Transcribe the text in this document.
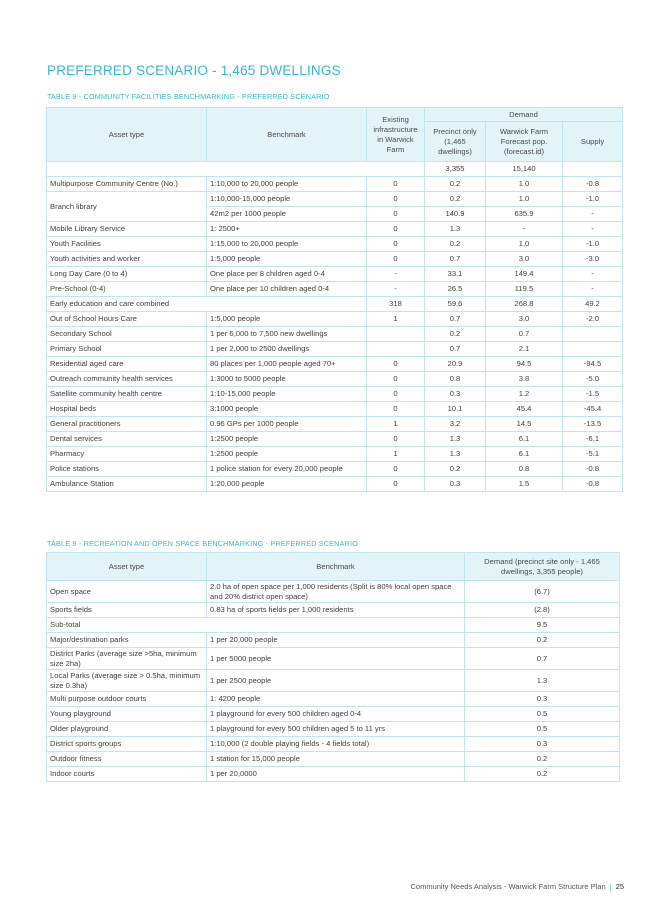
PREFERRED SCENARIO - 1,465 DWELLINGS
TABLE 9 - COMMUNITY FACILITIES BENCHMARKING - PREFERRED SCENARIO
Asset type	Benchmark	Existing infrastructure in Warwick Farm	Demand		
			Precinct only (1,465 dwellings)	Warwick Farm Forecast pop. (forecast.id)	Supply
			3,355	15,140	
Multipurpose Community Centre (No.)	1:10,000 to 20,000 people	0	0.2	1.0	-0.8
Branch library	1:10,000-15,000 people	0	0.2	1.0	-1.0
	42m2 per 1000 people	0	140.9	635.9	-
Mobile Library Service	1: 2500+	0	1.3	-	-
Youth Facilities	1:15,000 to 20,000 people	0	0.2	1.0	-1.0
Youth activities and worker	1:5,000 people	0	0.7	3.0	-3.0
Long Day Care (0 to 4)	One place per 8 children aged 0-4	-	33.1	149.4	-
Pre-School (0-4)	One place per 10 children aged 0-4	-	26.5	119.5	-
Early education and care combined		318	59.6	268.8	49.2
Out of School Hours Care	1:5,000 people	1	0.7	3.0	-2.0
Secondary School	1 per 6,000 to 7,500 new dwellings		0.2	0.7	
Primary School	1 per 2,000 to 2500 dwellings		0.7	2.1	
Residential aged care	80 places per 1,000 people aged 70+	0	20.9	94.5	-94.5
Outreach community health services	1:3000 to 5000 people	0	0.8	3.8	-5.0
Satellite community health centre	1:10-15,000 people	0	0.3	1.2	-1.5
Hospital beds	3:1000 people	0	10.1	45.4	-45.4
General practitioners	0.96 GPs per 1000 people	1	3.2	14.5	-13.5
Dental services	1:2500 people	0	1.3	6.1	-6.1
Pharmacy	1:2500 people	1	1.3	6.1	-5.1
Police stations	1 police station for every 20,000 people	0	0.2	0.8	-0.8
Ambulance Station	1:20,000 people	0	0.3	1.5	-0.8
TABLE 9 - RECREATION AND OPEN SPACE BENCHMARKING - PREFERRED SCENARIO
Asset type	Benchmark	Demand (precinct site only - 1,465 dwellings, 3,355 people)
Open space	2.0 ha of open space per 1,000 residents (Split is 80% local open space and 20% district open space)	(6.7)
Sports fields	0.83 ha of sports fields per 1,000 residents	(2.8)
Sub-total		9.5
Major/destination parks	1 per 20,000 people	0.2
District Parks (average size >5ha, minimum size 2ha)	1 per 5000 people	0.7
Local Parks (average size > 0.5ha, minimum size 0.3ha)	1 per 2500 people	1.3
Multi purpose outdoor courts	1: 4200 people	0.3
Young playground	1 playground for every 500 children aged 0-4	0.5
Older playground	1 playground for every 500 children aged 5 to 11 yrs	0.5
District sports groups	1:10,000 (2 double playing fields - 4 fields total)	0.3
Outdoor fitness	1 station for 15,000 people	0.2
Indoor courts	1 per 20,0000	0.2
Community Needs Analysis - Warwick Farm Structure Plan | 25
